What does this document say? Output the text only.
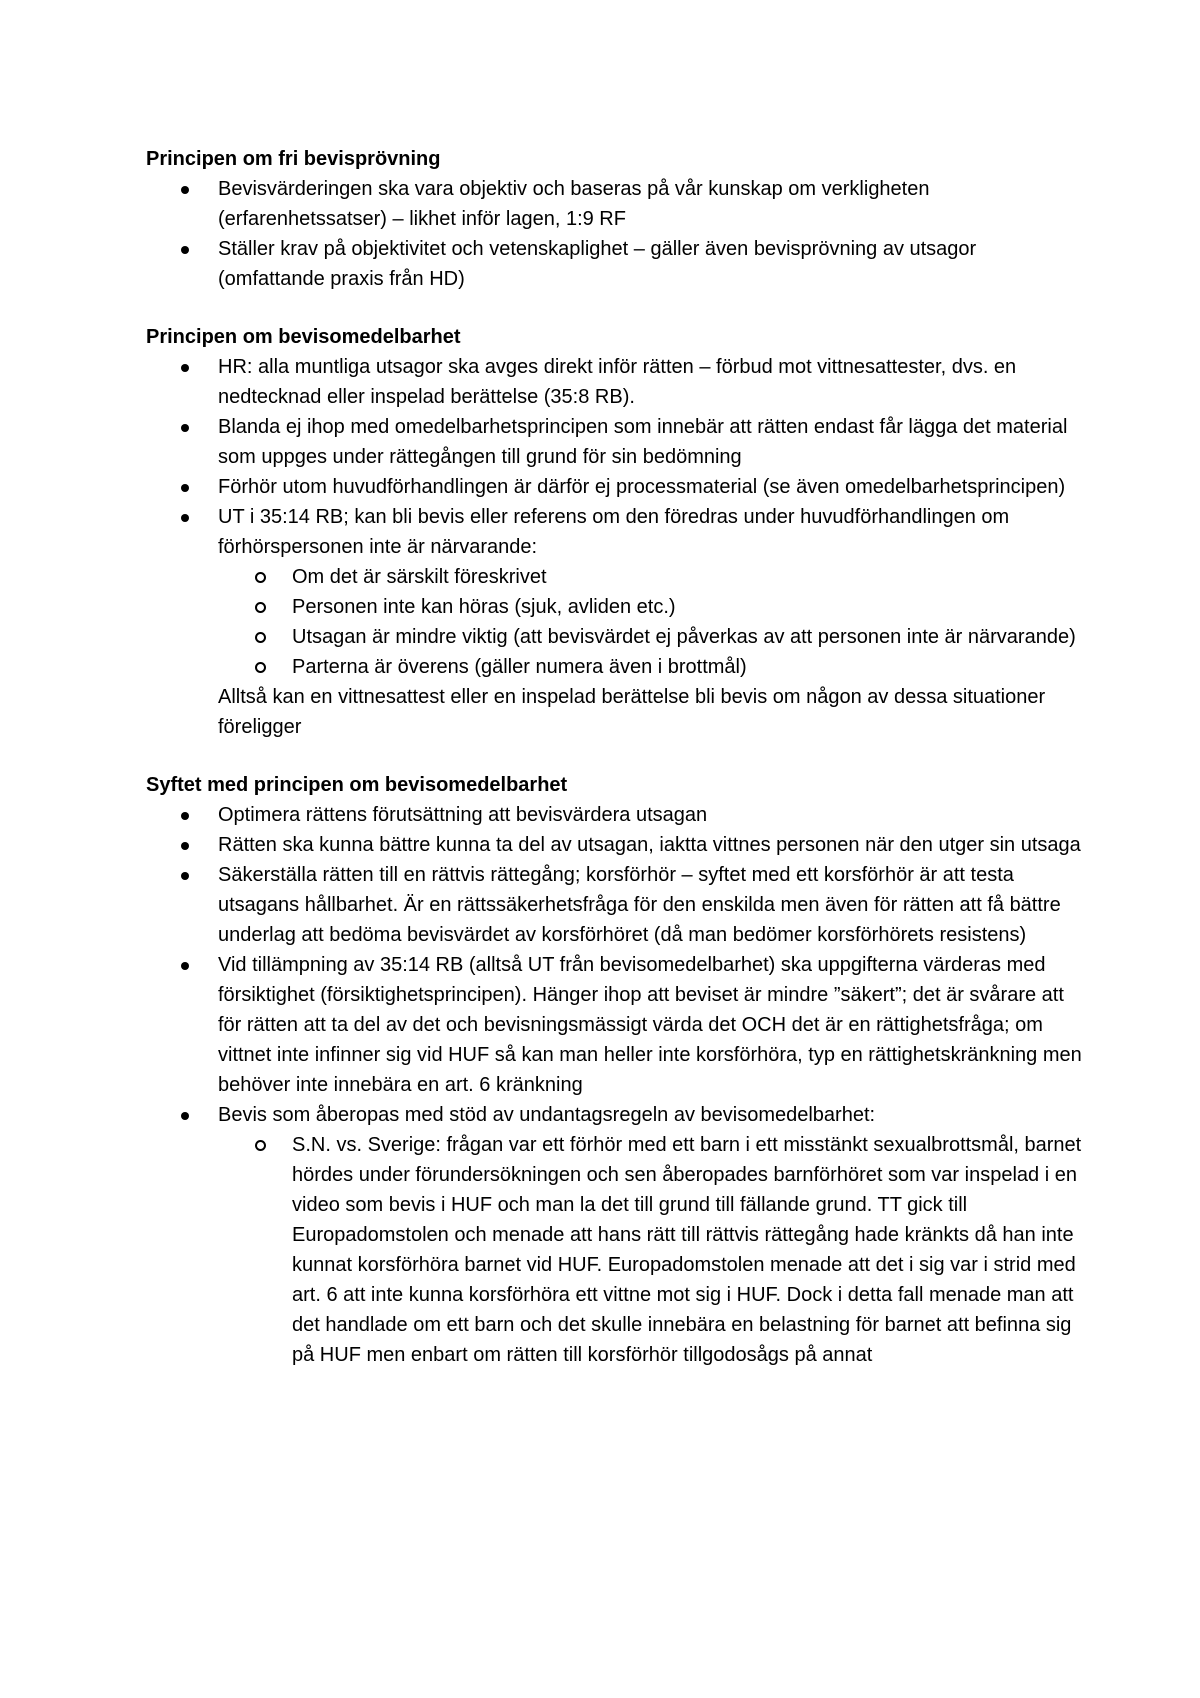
Principen om fri bevisprövning

Bevisvärderingen ska vara objektiv och baseras på vår kunskap om verkligheten (erfarenhetssatser) – likhet inför lagen, 1:9 RF
Ställer krav på objektivitet och vetenskaplighet – gäller även bevisprövning av utsagor (omfattande praxis från HD)

Principen om bevisomedelbarhet

HR: alla muntliga utsagor ska avges direkt inför rätten – förbud mot vittnesattester, dvs. en nedtecknad eller inspelad berättelse (35:8 RB).
Blanda ej ihop med omedelbarhetsprincipen som innebär att rätten endast får lägga det material som uppges under rättegången till grund för sin bedömning
Förhör utom huvudförhandlingen är därför ej processmaterial (se även omedelbarhetsprincipen)
UT i 35:14 RB; kan bli bevis eller referens om den föredras under huvudförhandlingen om förhörspersonen inte är närvarande:
Om det är särskilt föreskrivet
Personen inte kan höras (sjuk, avliden etc.)
Utsagan är mindre viktig (att bevisvärdet ej påverkas av att personen inte är närvarande)
Parterna är överens (gäller numera även i brottmål)
Alltså kan en vittnesattest eller en inspelad berättelse bli bevis om någon av dessa situationer föreligger

Syftet med principen om bevisomedelbarhet

Optimera rättens förutsättning att bevisvärdera utsagan
Rätten ska kunna bättre kunna ta del av utsagan, iaktta vittnes personen när den utger sin utsaga
Säkerställa rätten till en rättvis rättegång; korsförhör – syftet med ett korsförhör är att testa utsagans hållbarhet. Är en rättssäkerhetsfråga för den enskilda men även för rätten att få bättre underlag att bedöma bevisvärdet av korsförhöret (då man bedömer korsförhörets resistens)
Vid tillämpning av 35:14 RB (alltså UT från bevisomedelbarhet) ska uppgifterna värderas med försiktighet (försiktighetsprincipen). Hänger ihop att beviset är mindre ”säkert”; det är svårare att för rätten att ta del av det och bevisningsmässigt värda det OCH det är en rättighetsfråga; om vittnet inte infinner sig vid HUF så kan man heller inte korsförhöra, typ en rättighetskränkning men behöver inte innebära en art. 6 kränkning
Bevis som åberopas med stöd av undantagsregeln av bevisomedelbarhet:
S.N. vs. Sverige: frågan var ett förhör med ett barn i ett misstänkt sexualbrottsmål, barnet hördes under förundersökningen och sen åberopades barnförhöret som var inspelad i en video som bevis i HUF och man la det till grund till fällande grund. TT gick till Europadomstolen och menade att hans rätt till rättvis rättegång hade kränkts då han inte kunnat korsförhöra barnet vid HUF. Europadomstolen menade att det i sig var i strid med art. 6 att inte kunna korsförhöra ett vittne mot sig i HUF. Dock i detta fall menade man att det handlade om ett barn och det skulle innebära en belastning för barnet att befinna sig på HUF men enbart om rätten till korsförhör tillgodosågs på annat
